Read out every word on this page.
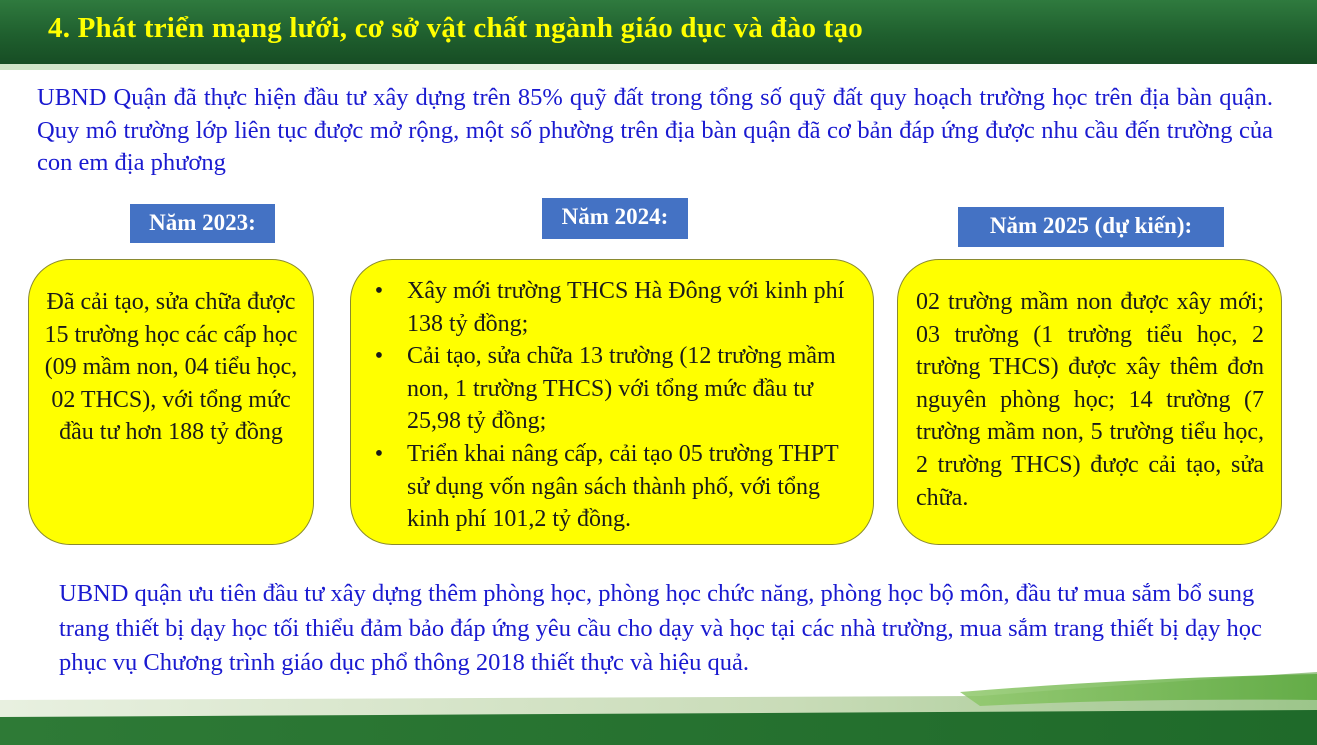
4. Phát triển mạng lưới, cơ sở vật chất ngành giáo dục và đào tạo
UBND Quận đã thực hiện đầu tư xây dựng trên 85% quỹ đất trong tổng số quỹ đất quy hoạch trường học trên địa bàn quận. Quy mô trường lớp liên tục được mở rộng, một số phường trên địa bàn quận đã cơ bản đáp ứng được nhu cầu đến trường của con em địa phương
Năm 2023:	Năm 2024:	Năm 2025 (dự kiến):
Đã cải tạo, sửa chữa được 15 trường học các cấp học (09 mầm non, 04 tiểu học, 02 THCS), với tổng mức đầu tư hơn 188 tỷ đồng
• Xây mới trường THCS Hà Đông với kinh phí 138 tỷ đồng;
• Cải tạo, sửa chữa 13 trường (12 trường mầm non, 1 trường THCS) với tổng mức đầu tư 25,98 tỷ đồng;
• Triển khai nâng cấp, cải tạo 05 trường THPT sử dụng vốn ngân sách thành phố, với tổng kinh phí 101,2 tỷ đồng.
02 trường mầm non được xây mới; 03 trường (1 trường tiểu học, 2 trường THCS) được xây thêm đơn nguyên phòng học; 14 trường (7 trường mầm non, 5 trường tiểu học, 2 trường THCS) được cải tạo, sửa chữa.
UBND quận ưu tiên đầu tư xây dựng thêm phòng học, phòng học chức năng, phòng học bộ môn, đầu tư mua sắm bổ sung trang thiết bị dạy học tối thiểu đảm bảo đáp ứng yêu cầu cho dạy và học tại các nhà trường, mua sắm trang thiết bị dạy học phục vụ Chương trình giáo dục phổ thông 2018 thiết thực và hiệu quả.
